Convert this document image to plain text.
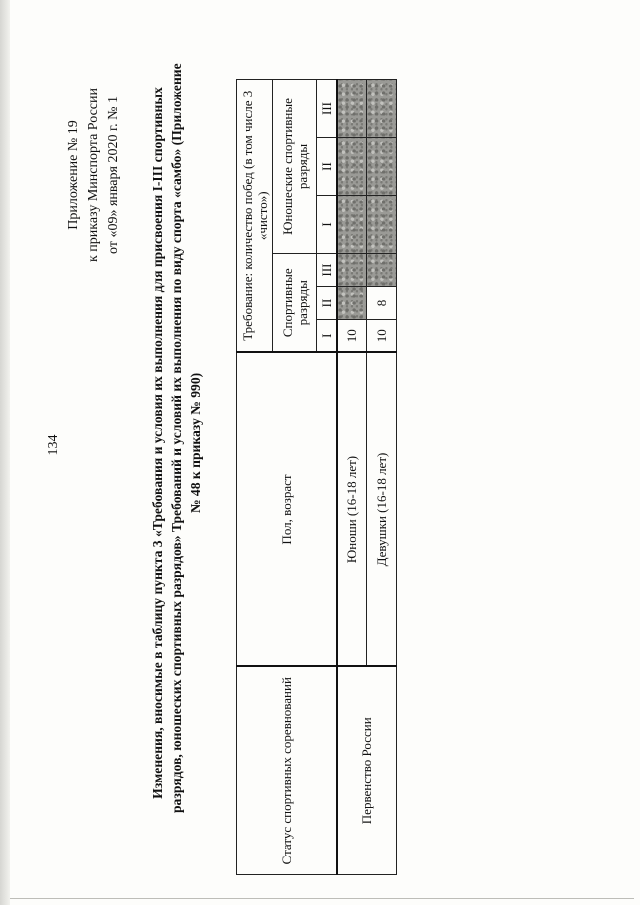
134
Приложение № 19 к приказу Минспорта России от «09» января 2020 г. № 1 Изменения, вносимые в таблицу пункта 3 «Требования и условия их выполнения для присвоения I-III спортивных разрядов, юношеских спортивных разрядов» Требований и условий их выполнения по виду спорта «самбо» (Приложение № 48 к приказу № 990)
Статус спортивных соревнований	Пол, возраст	Требование: количество побед (в том числе 3 «чисто»)					

		Спортивные разряды			Юношеские спортивные разряды		

		I	II	III	I	II	III

Первенство России	Юноши (16-18 лет)	10					
	Девушки (16-18 лет)	10	8				
